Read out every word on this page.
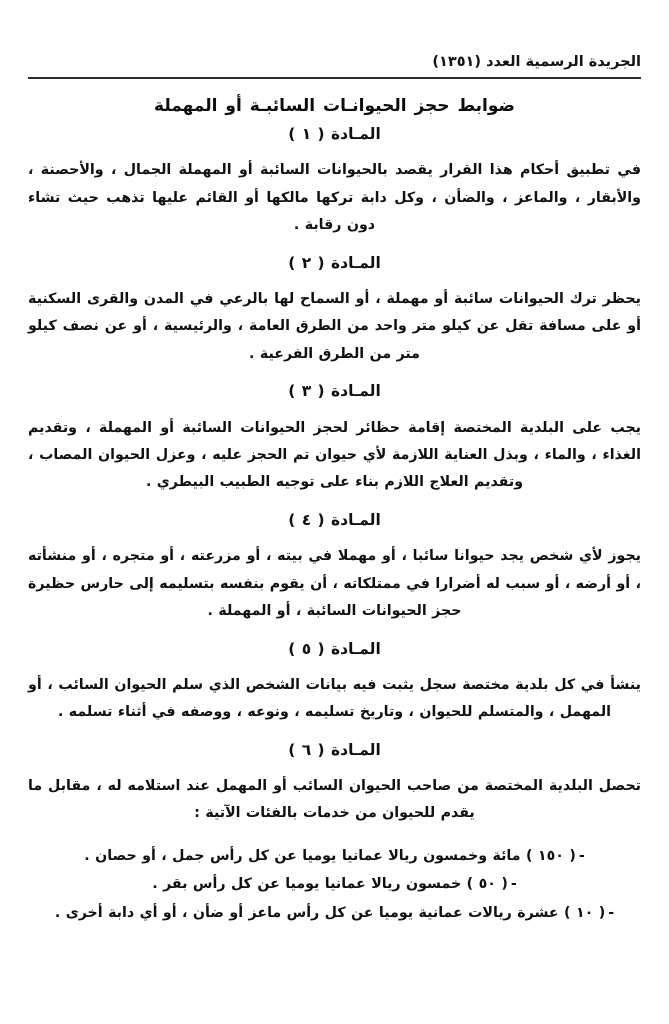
الجريدة الرسمية العدد (١٣٥١)
ضوابط حجز الحيوانـات السائبـة أو المهملة
المـادة ( ١ )

في تطبيق أحكام هذا القرار يقصد بالحيوانات السائبة أو المهملة الجمال ، والأحصنة ، والأبقار ، والماعز ، والضأن ، وكل دابة تركها مالكها أو القائم عليها تذهب حيث تشاء دون رقابة .

المـادة ( ٢ )

يحظر ترك الحيوانات سائبة أو مهملة ، أو السماح لها بالرعي في المدن والقرى السكنية أو على مسافة تقل عن كيلو متر واحد من الطرق العامة ، والرئيسية ، أو عن نصف كيلو متر من الطرق الفرعية .

المـادة ( ٣ )

يجب على البلدية المختصة إقامة حظائر لحجز الحيوانات السائبة أو المهملة ، وتقديم الغذاء ، والماء ، وبذل العناية اللازمة لأي حيوان تم الحجز عليه ، وعزل الحيوان المصاب ، وتقديم العلاج اللازم بناء على توجيه الطبيب البيطري .

المـادة ( ٤ )

يجوز لأي شخص يجد حيوانا سائبا ، أو مهملا في بيته ، أو مزرعته ، أو متجره ، أو منشأته ، أو أرضه ، أو سبب له أضرارا في ممتلكاته ، أن يقوم بنفسه بتسليمه إلى حارس حظيرة حجز الحيوانات السائبة ، أو المهملة .

المـادة ( ٥ )

ينشأ في كل بلدية مختصة سجل يثبت فيه بيانات الشخص الذي سلم الحيوان السائب ، أو المهمل ، والمتسلم للحيوان ، وتاريخ تسليمه ، ونوعه ، ووصفه في أثناء تسلمه .

المـادة ( ٦ )

تحصل البلدية المختصة من صاحب الحيوان السائب أو المهمل عند استلامه له ، مقابل ما يقدم للحيوان من خدمات بالفئات الآتية :

-( ١٥٠ ) مائة وخمسون ريالا عمانيا يوميا عن كل رأس جمل ، أو حصان .
-( ٥٠ ) خمسون ريالا عمانيا يوميا عن كل رأس بقر .
-( ١٠ ) عشرة ريالات عمانية يوميا عن كل رأس ماعز أو ضأن ، أو أي دابة أخرى .
